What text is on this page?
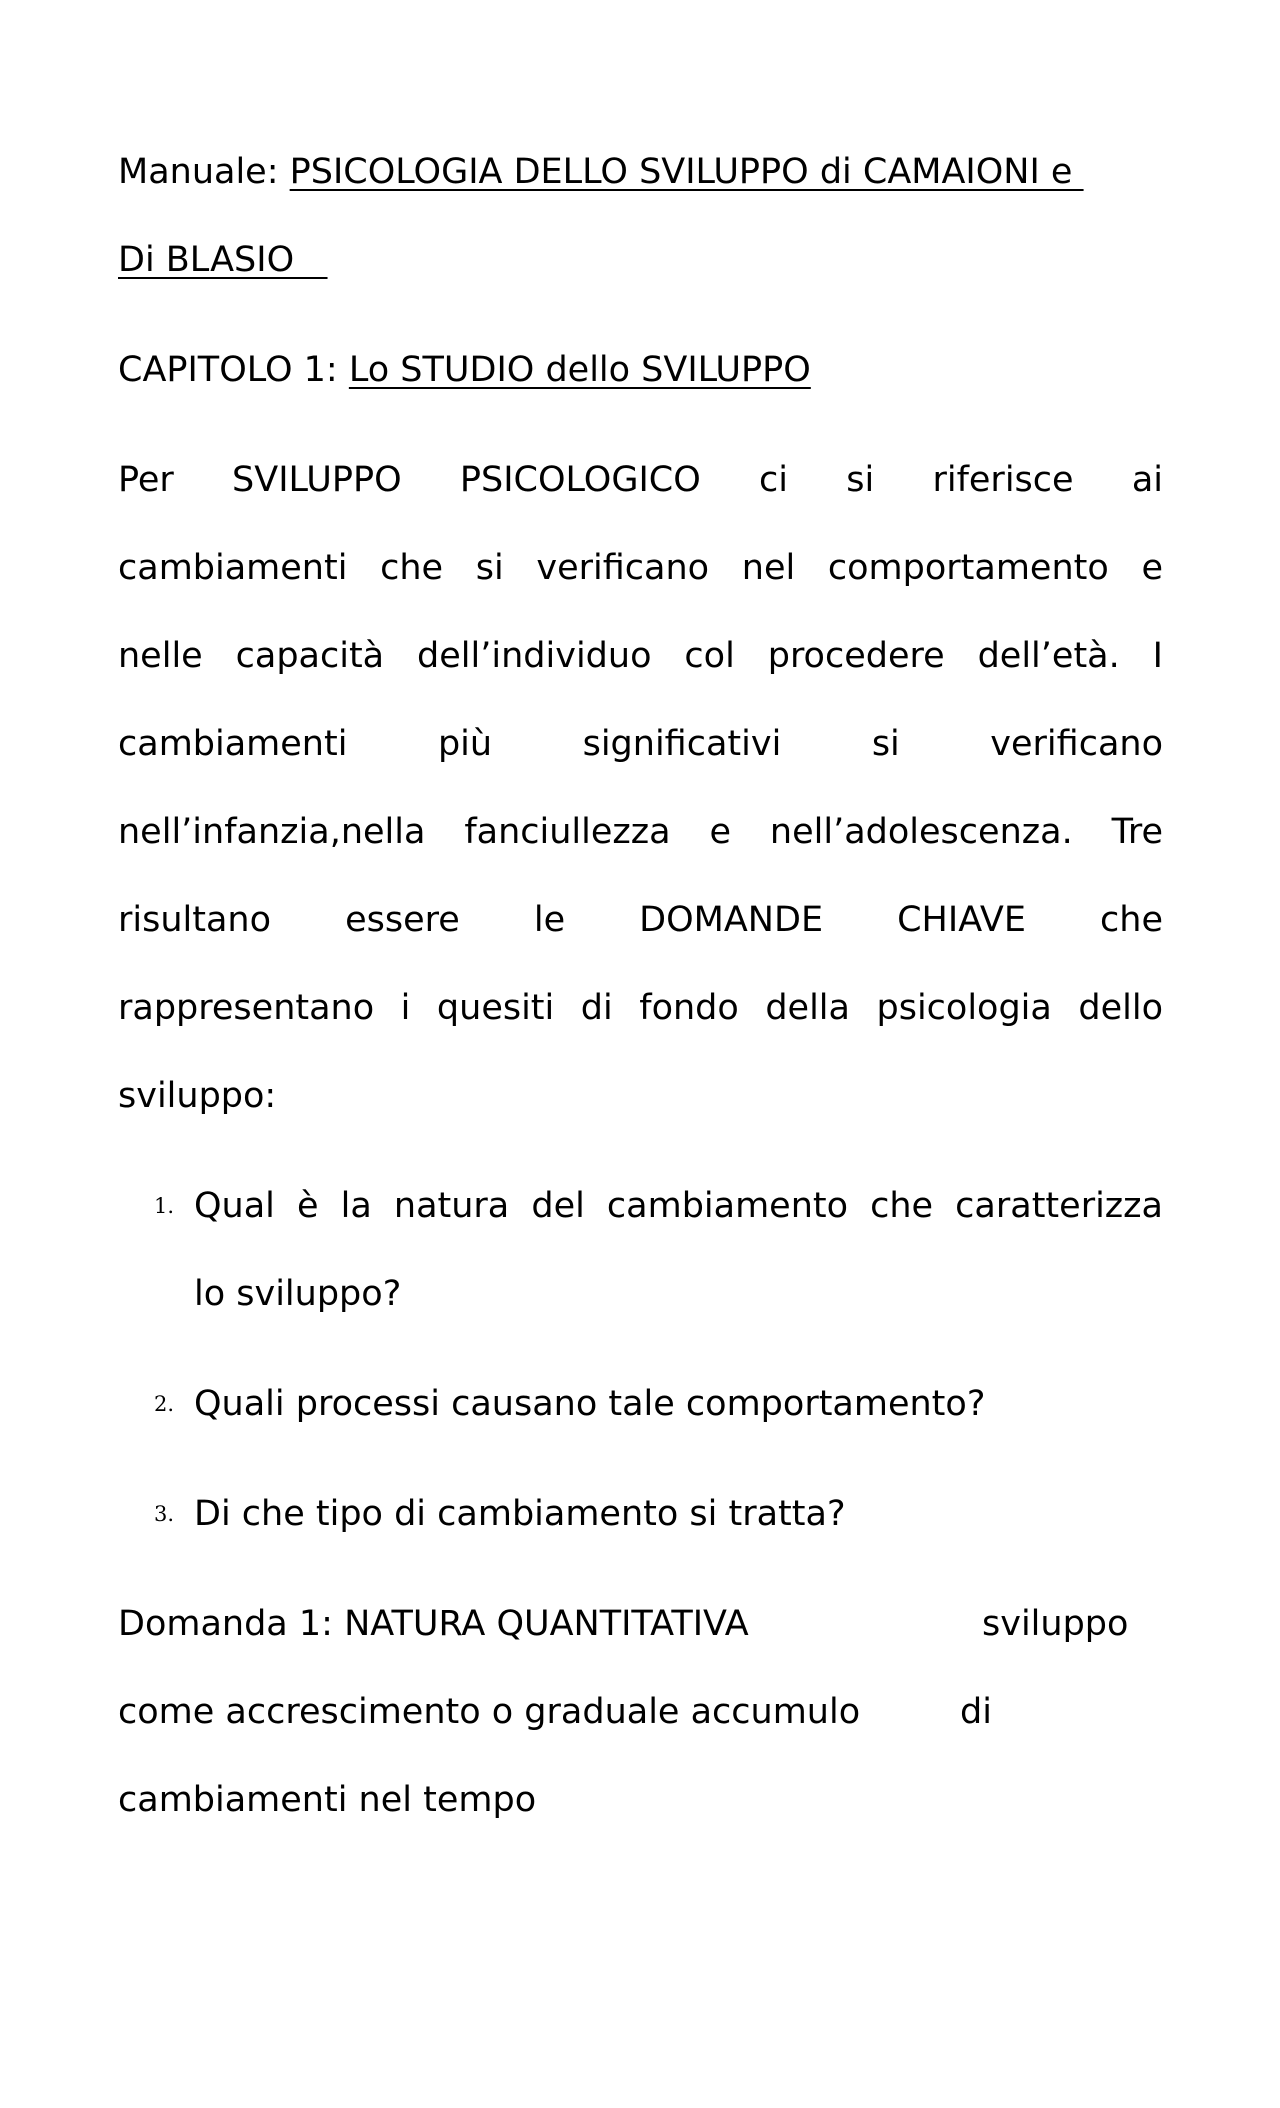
Manuale: PSICOLOGIA DELLO SVILUPPO di CAMAIONI e
Di BLASIO
CAPITOLO 1: Lo STUDIO dello SVILUPPO
Per SVILUPPO PSICOLOGICO ci si riferisce ai
cambiamenti che si verificano nel comportamento e
nelle capacità dell’individuo col procedere dell’età. I
cambiamenti più significativi si verificano
nell’infanzia,nella fanciullezza e nell’adolescenza. Tre
risultano essere le DOMANDE CHIAVE che
rappresentano i quesiti di fondo della psicologia dello
sviluppo:
1. Qual è la natura del cambiamento che caratterizza
lo sviluppo?
2. Quali processi causano tale comportamento?
3. Di che tipo di cambiamento si tratta?
Domanda 1: NATURA QUANTITATIVA	sviluppo
come accrescimento o graduale accumulo	di
cambiamenti nel tempo
